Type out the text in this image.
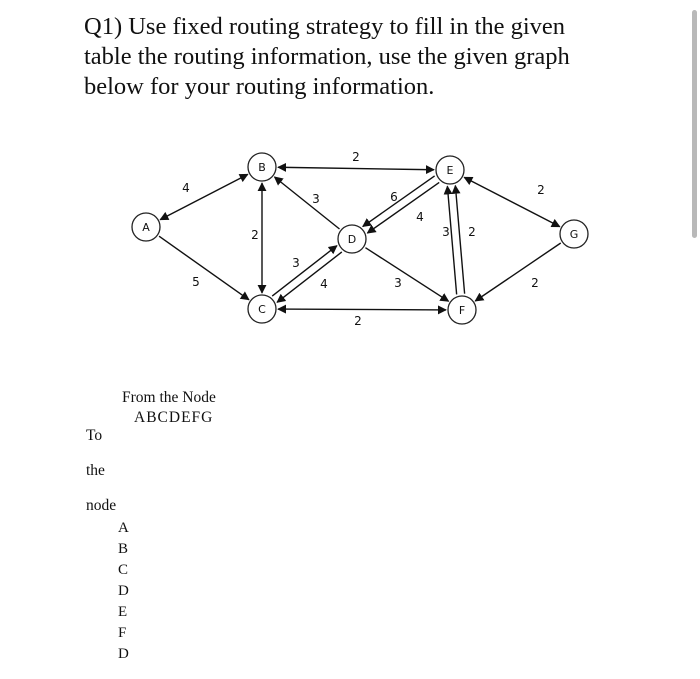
Q1) Use fixed routing strategy to fill in the given table the routing information, use the given graph below for your routing information.
4
5
2
2
3
3
4
2
6
4
3
3 2
2
2
A
B
C
D
E
F
G
From the Node
ABCDEFG
To
the
node
A
B
C
D
E
F
D
